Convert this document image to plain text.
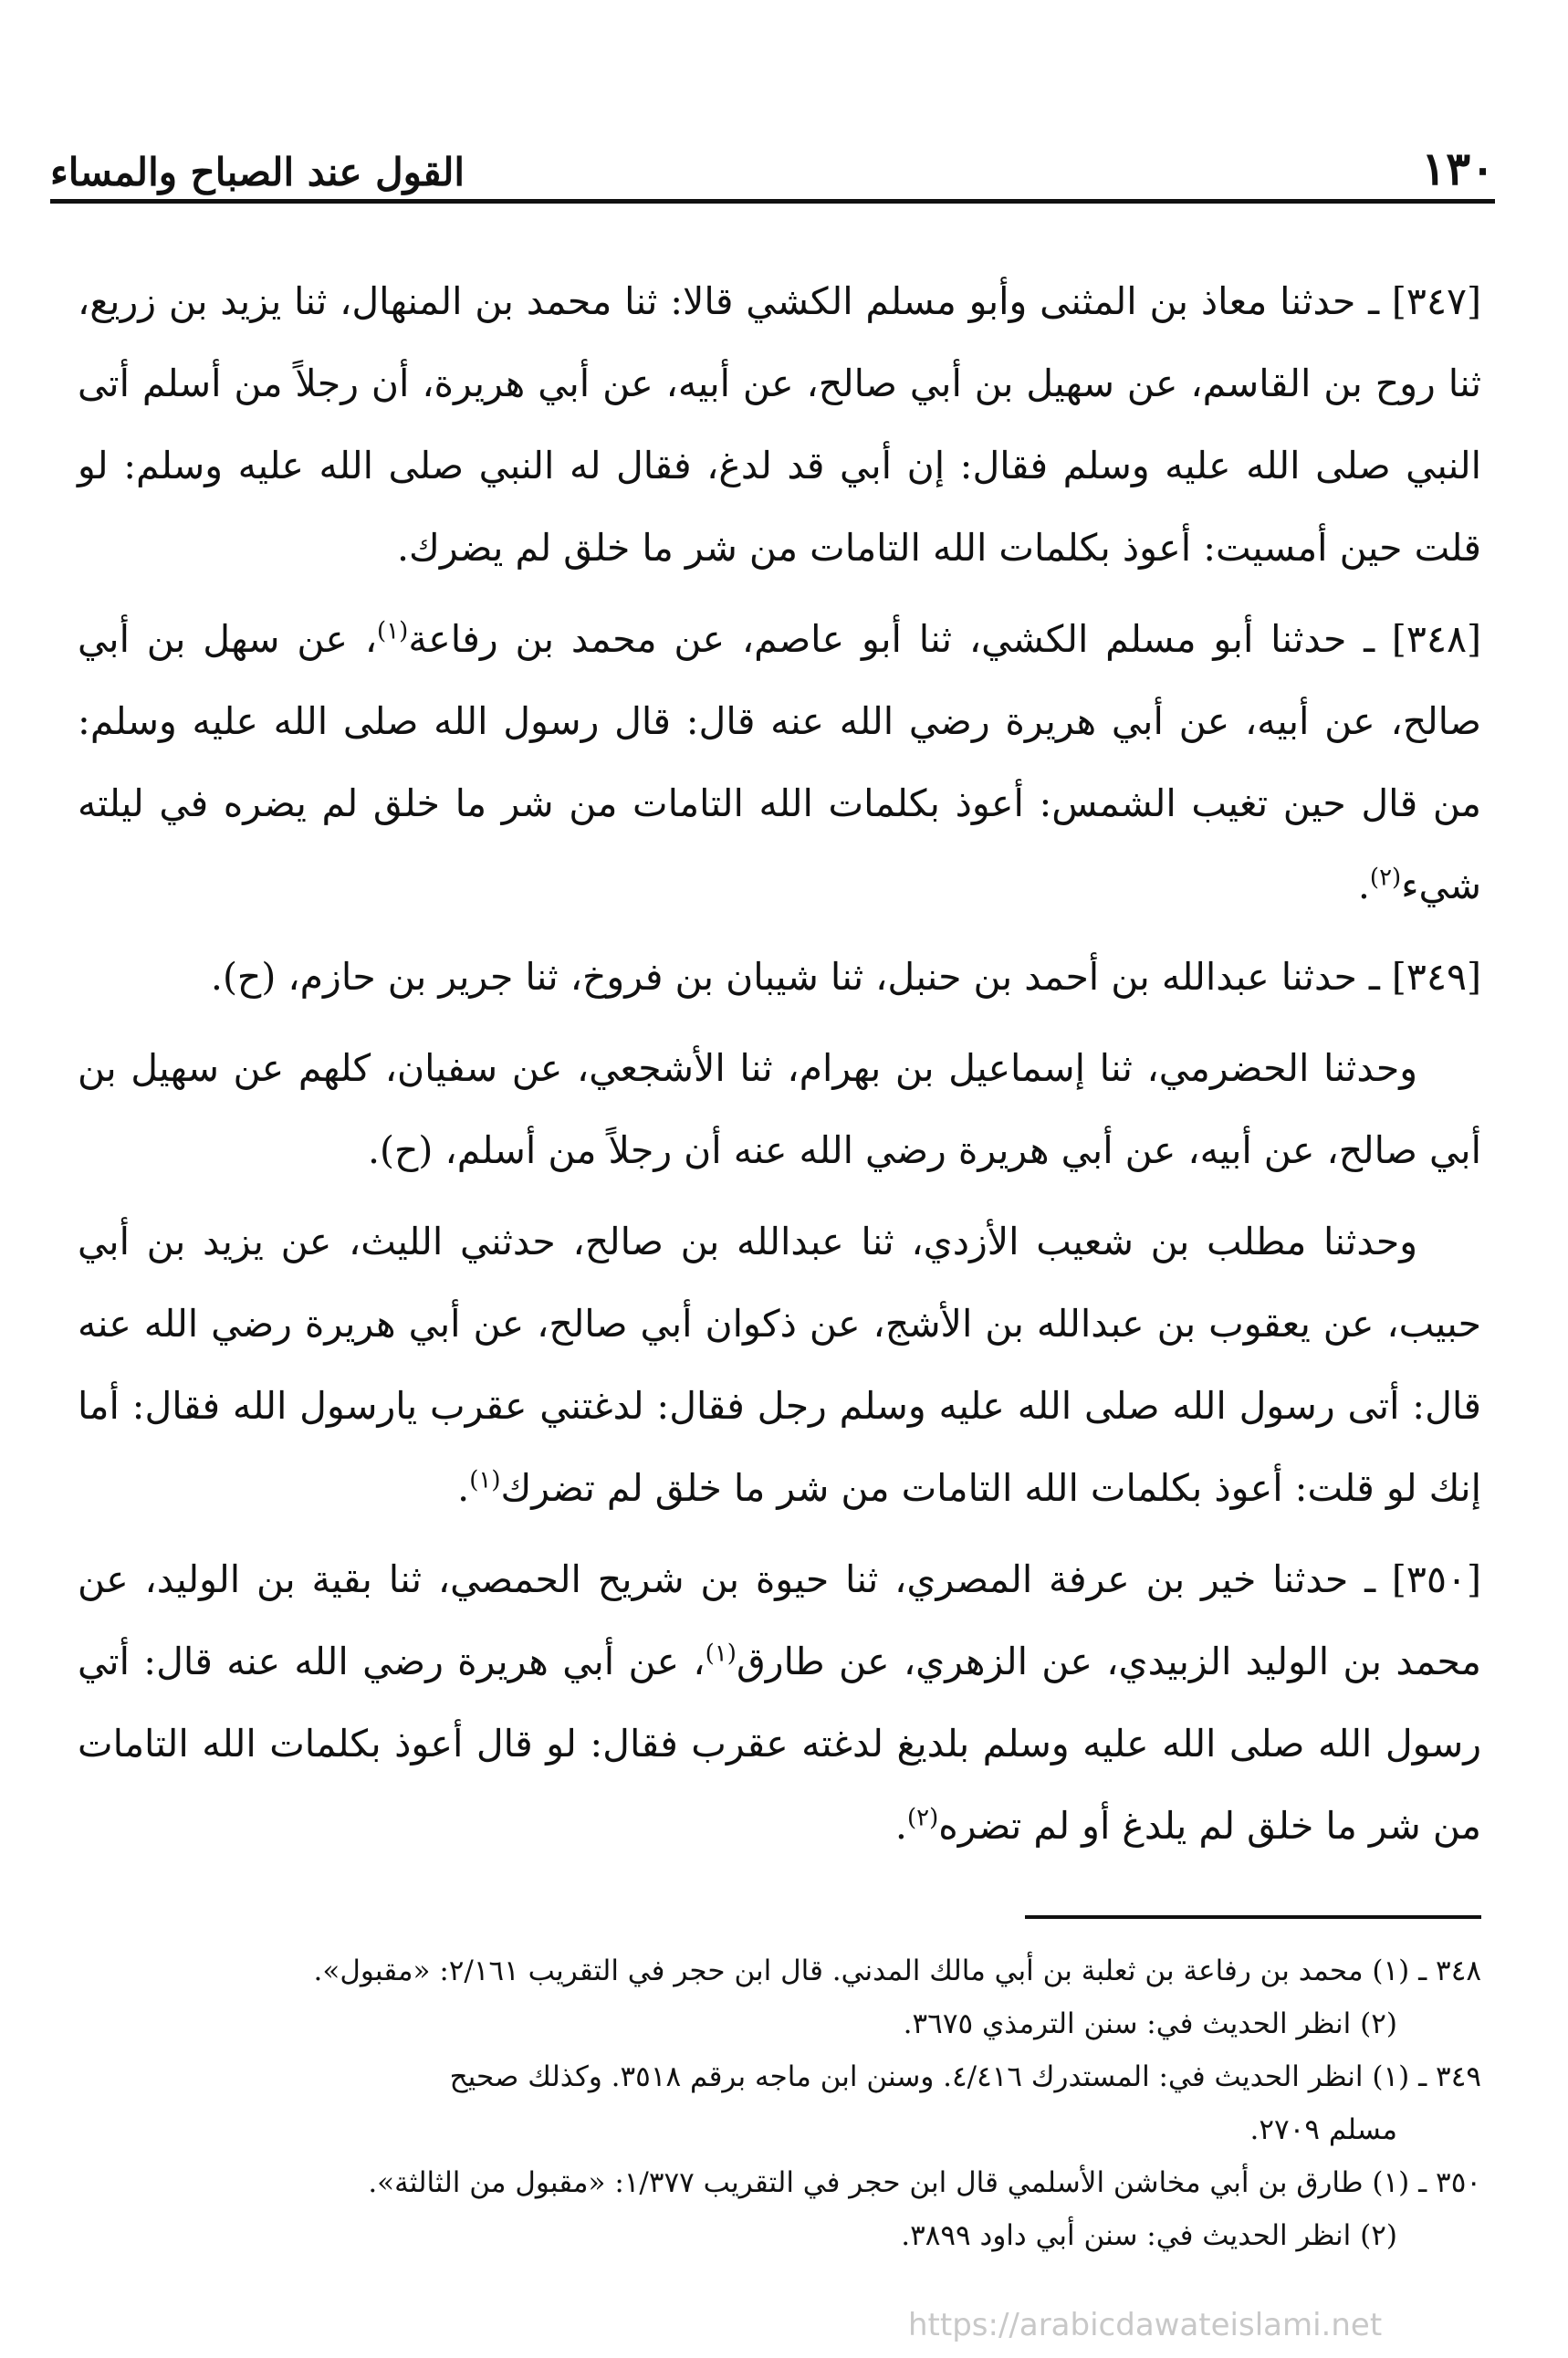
١٣٠
القول عند الصباح والمساء

[٣٤٧] ـ حدثنا معاذ بن المثنى وأبو مسلم الكشي قالا: ثنا محمد بن المنهال، ثنا يزيد بن زريع، ثنا روح بن القاسم، عن سهيل بن أبي صالح، عن أبيه، عن أبي هريرة، أن رجلاً من أسلم أتى النبي صلى الله عليه وسلم فقال: إن أبي قد لدغ، فقال له النبي صلى الله عليه وسلم: لو قلت حين أمسيت: أعوذ بكلمات الله التامات من شر ما خلق لم يضرك.

[٣٤٨] ـ حدثنا أبو مسلم الكشي، ثنا أبو عاصم، عن محمد بن رفاعة$^{(١)}$، عن سهل بن أبي صالح، عن أبيه، عن أبي هريرة رضي الله عنه قال: قال رسول الله صلى الله عليه وسلم: من قال حين تغيب الشمس: أعوذ بكلمات الله التامات من شر ما خلق لم يضره في ليلته شيء$^{(٢)}$.

[٣٤٩] ـ حدثنا عبدالله بن أحمد بن حنبل، ثنا شيبان بن فروخ، ثنا جرير بن حازم، (ح).

وحدثنا الحضرمي، ثنا إسماعيل بن بهرام، ثنا الأشجعي، عن سفيان، كلهم عن سهيل بن أبي صالح، عن أبيه، عن أبي هريرة رضي الله عنه أن رجلاً من أسلم، (ح).

وحدثنا مطلب بن شعيب الأزدي، ثنا عبدالله بن صالح، حدثني الليث، عن يزيد بن أبي حبيب، عن يعقوب بن عبدالله بن الأشج، عن ذكوان أبي صالح، عن أبي هريرة رضي الله عنه قال: أتى رسول الله صلى الله عليه وسلم رجل فقال: لدغتني عقرب يارسول الله فقال: أما إنك لو قلت: أعوذ بكلمات الله التامات من شر ما خلق لم تضرك$^{(١)}$.

[٣٥٠] ـ حدثنا خير بن عرفة المصري، ثنا حيوة بن شريح الحمصي، ثنا بقية بن الوليد، عن محمد بن الوليد الزبيدي، عن الزهري، عن طارق$^{(١)}$، عن أبي هريرة رضي الله عنه قال: أتي رسول الله صلى الله عليه وسلم بلديغ لدغته عقرب فقال: لو قال أعوذ بكلمات الله التامات من شر ما خلق لم يلدغ أو لم تضره$^{(٢)}$.

٣٤٨ ـ (١) محمد بن رفاعة بن ثعلبة بن أبي مالك المدني. قال ابن حجر في التقريب ٢/١٦١: «مقبول».

(٢) انظر الحديث في: سنن الترمذي ٣٦٧٥.

٣٤٩ ـ (١) انظر الحديث في: المستدرك ٤/٤١٦. وسنن ابن ماجه برقم ٣٥١٨. وكذلك صحيح

مسلم ٢٧٠٩.

٣٥٠ ـ (١) طارق بن أبي مخاشن الأسلمي قال ابن حجر في التقريب ١/٣٧٧: «مقبول من الثالثة».

(٢) انظر الحديث في: سنن أبي داود ٣٨٩٩.

https://arabicdawateislami.net
